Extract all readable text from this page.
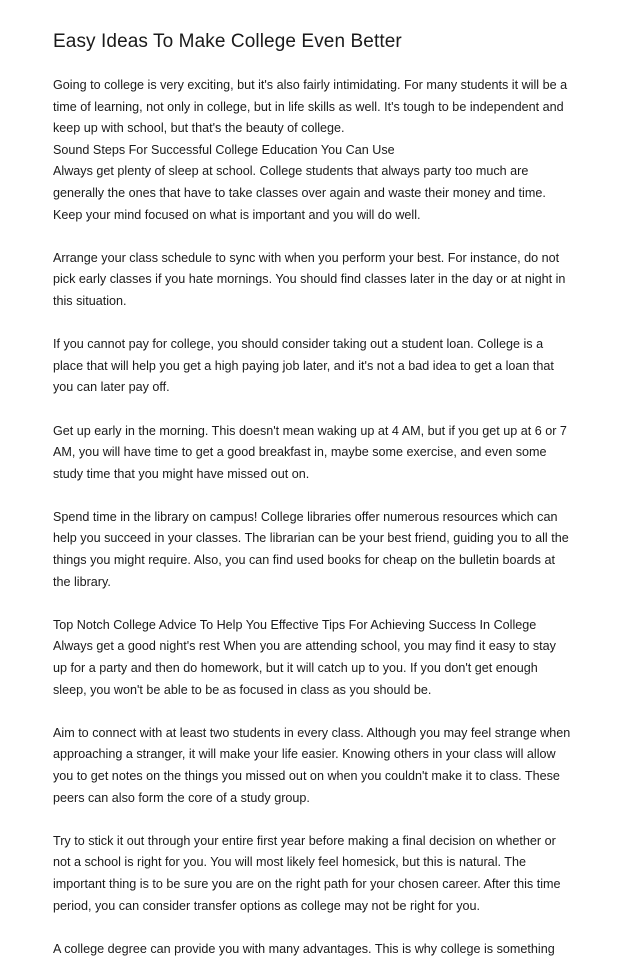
Easy Ideas To Make College Even Better
Going to college is very exciting, but it's also fairly intimidating. For many students it will be a
time of learning, not only in college, but in life skills as well. It's tough to be independent and
keep up with school, but that's the beauty of college.
Sound Steps For Successful College Education You Can Use
Always get plenty of sleep at school. College students that always party too much are
generally the ones that have to take classes over again and waste their money and time.
Keep your mind focused on what is important and you will do well.
Arrange your class schedule to sync with when you perform your best. For instance, do not
pick early classes if you hate mornings. You should find classes later in the day or at night in
this situation.
If you cannot pay for college, you should consider taking out a student loan. College is a
place that will help you get a high paying job later, and it's not a bad idea to get a loan that
you can later pay off.
Get up early in the morning. This doesn't mean waking up at 4 AM, but if you get up at 6 or 7
AM, you will have time to get a good breakfast in, maybe some exercise, and even some
study time that you might have missed out on.
Spend time in the library on campus! College libraries offer numerous resources which can
help you succeed in your classes. The librarian can be your best friend, guiding you to all the
things you might require. Also, you can find used books for cheap on the bulletin boards at
the library.
Top Notch College Advice To Help You Effective Tips For Achieving Success In College
Always get a good night's rest When you are attending school, you may find it easy to stay
up for a party and then do homework, but it will catch up to you. If you don't get enough
sleep, you won't be able to be as focused in class as you should be.
Aim to connect with at least two students in every class. Although you may feel strange when
approaching a stranger, it will make your life easier. Knowing others in your class will allow
you to get notes on the things you missed out on when you couldn't make it to class. These
peers can also form the core of a study group.
Try to stick it out through your entire first year before making a final decision on whether or
not a school is right for you. You will most likely feel homesick, but this is natural. The
important thing is to be sure you are on the right path for your chosen career. After this time
period, you can consider transfer options as college may not be right for you.
A college degree can provide you with many advantages. This is why college is something
